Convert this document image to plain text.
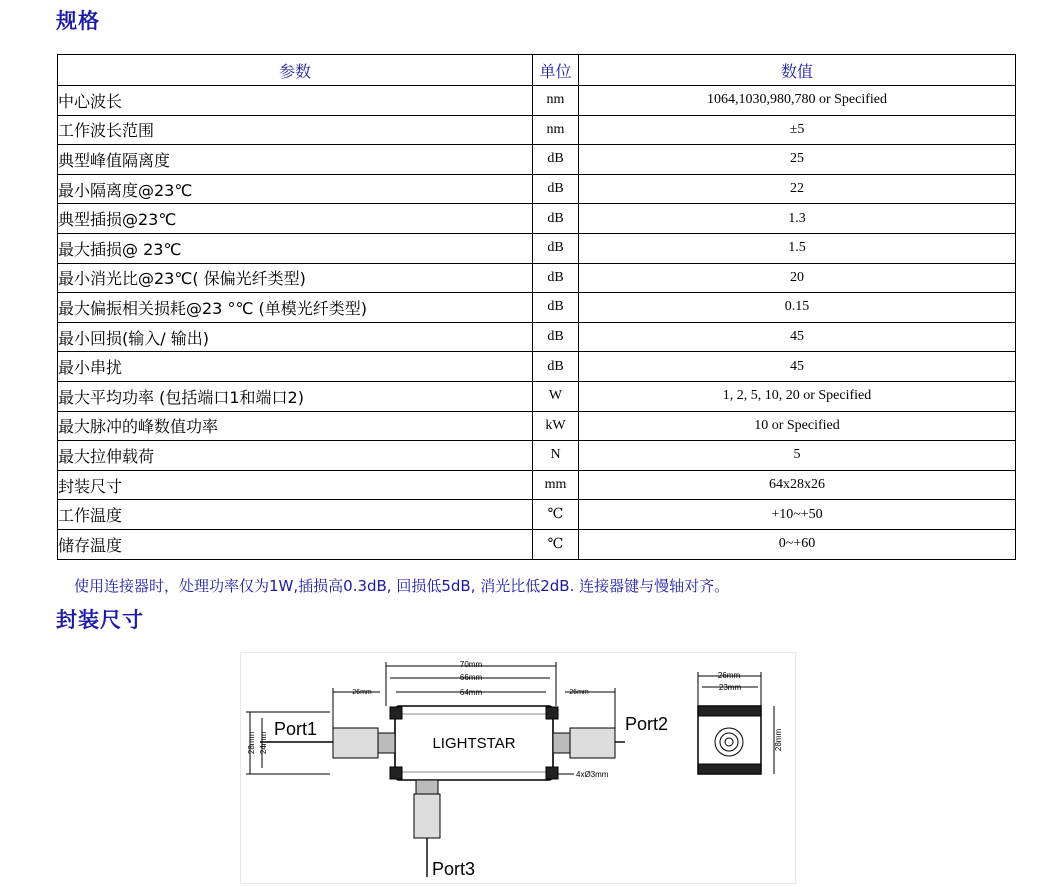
规格
参数	单位	数值
中心波长	nm	1064,1030,980,780 or Specified
工作波长范围	nm	±5
典型峰值隔离度	dB	25
最小隔离度@23℃	dB	22
典型插损@23℃	dB	1.3
最大插损@ 23℃	dB	1.5
最小消光比@23℃( 保偏光纤类型)	dB	20
最大偏振相关损耗@23 °℃ (单模光纤类型)	dB	0.15
最小回损(输入/ 输出)	dB	45
最小串扰	dB	45
最大平均功率 (包括端口1和端口2)	W	1, 2, 5, 10, 20 or Specified
最大脉冲的峰数值功率	kW	10 or Specified
最大拉伸载荷	N	5
封装尺寸	mm	64x28x26
工作温度	℃	+10~+50
储存温度	℃	0~+60
使用连接器时，处理功率仅为1W,插损高0.3dB, 回损低5dB, 消光比低2dB. 连接器键与慢轴对齐。
封装尺寸
LIGHTSTAR
Port1	Port2
Port3
70mm
66mm
64mm
26mm	26mm
28mm 24mm
4xØ3mm
26mm
23mm
28mm
